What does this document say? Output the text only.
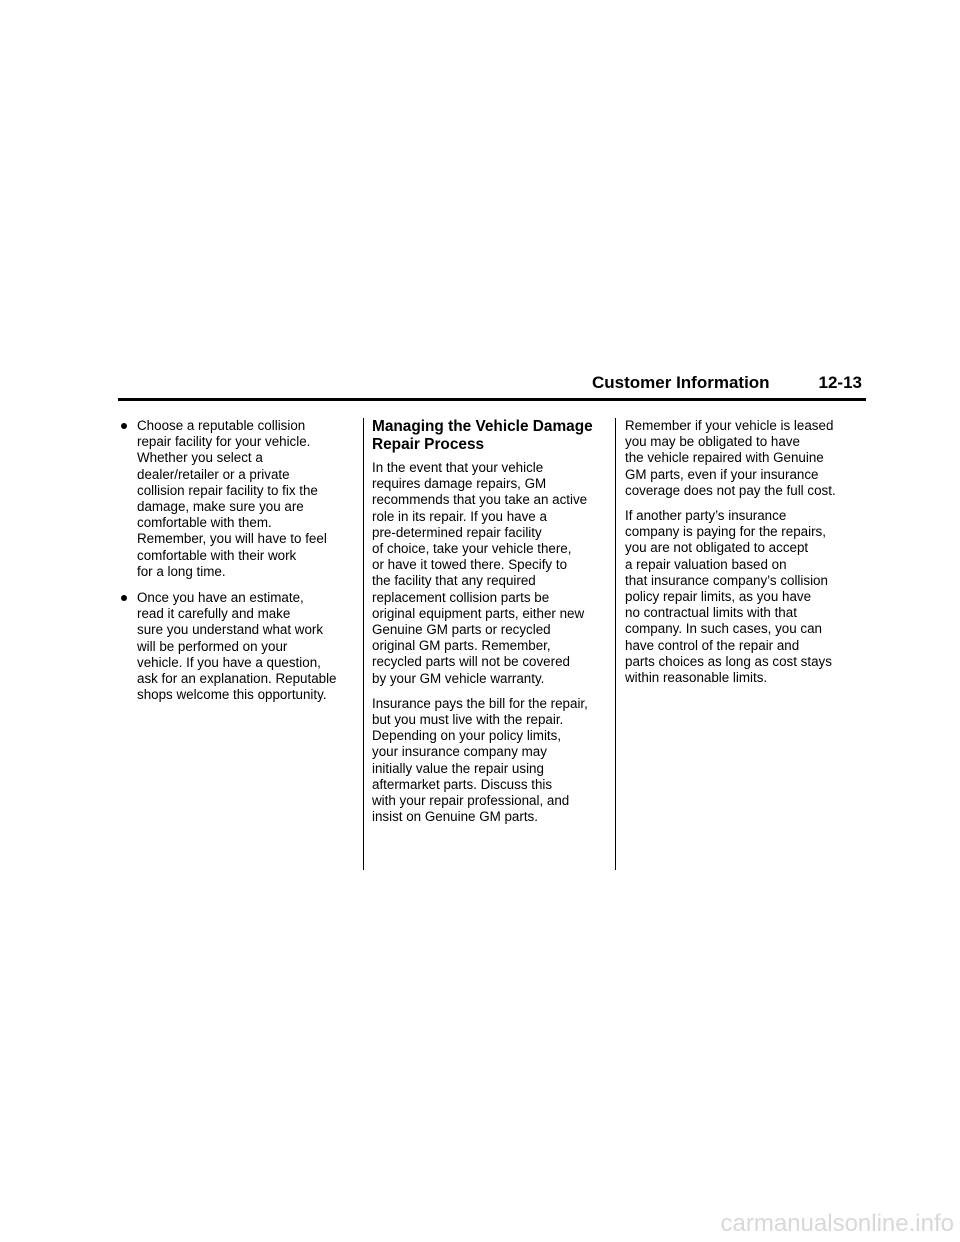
Customer Information	12-13
Choose a reputable collision
repair facility for your vehicle.
Whether you select a
dealer/retailer or a private
collision repair facility to fix the
damage, make sure you are
comfortable with them.
Remember, you will have to feel
comfortable with their work
for a long time.
Once you have an estimate,
read it carefully and make
sure you understand what work
will be performed on your
vehicle. If you have a question,
ask for an explanation. Reputable
shops welcome this opportunity.
Managing the Vehicle Damage
Repair Process

In the event that your vehicle
requires damage repairs, GM
recommends that you take an active
role in its repair. If you have a
pre-determined repair facility
of choice, take your vehicle there,
or have it towed there. Specify to
the facility that any required
replacement collision parts be
original equipment parts, either new
Genuine GM parts or recycled
original GM parts. Remember,
recycled parts will not be covered
by your GM vehicle warranty.

Insurance pays the bill for the repair,
but you must live with the repair.
Depending on your policy limits,
your insurance company may
initially value the repair using
aftermarket parts. Discuss this
with your repair professional, and
insist on Genuine GM parts.

Remember if your vehicle is leased
you may be obligated to have
the vehicle repaired with Genuine
GM parts, even if your insurance
coverage does not pay the full cost.

If another party’s insurance
company is paying for the repairs,
you are not obligated to accept
a repair valuation based on
that insurance company’s collision
policy repair limits, as you have
no contractual limits with that
company. In such cases, you can
have control of the repair and
parts choices as long as cost stays
within reasonable limits.

carmanualsonline.info
